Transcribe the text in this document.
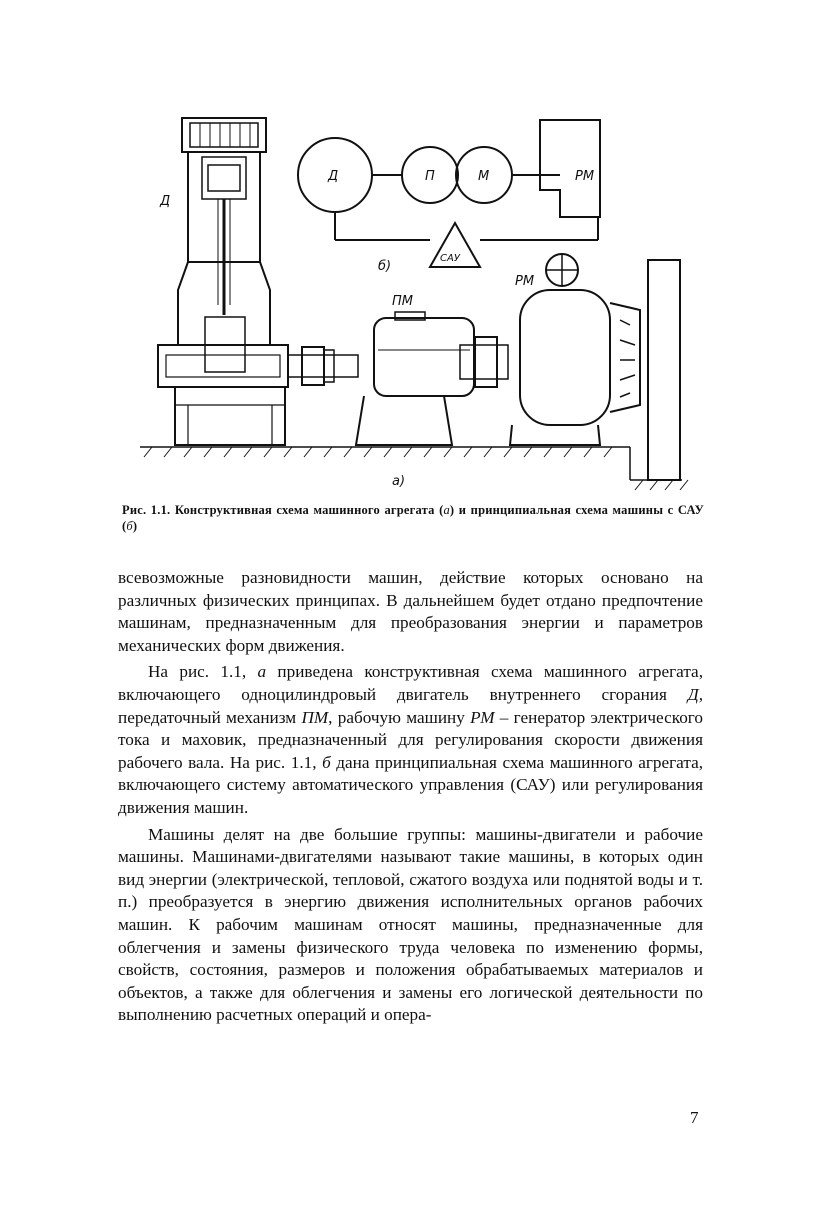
Д
Д	П	М	РМ
САУ
б)
ПМ
РМ
а)
Рис. 1.1. Конструктивная схема машинного агрегата (а) и принципиальная схема машины с САУ (б)

всевозможные разновидности машин, действие которых основано на различных физических принципах. В дальнейшем будет отдано предпочтение машинам, предназначенным для преобразования энергии и параметров механических форм движения.

На рис. 1.1, а приведена конструктивная схема машинного агрегата, включающего одноцилиндровый двигатель внутреннего сгорания Д, передаточный механизм ПМ, рабочую машину РМ – генератор электрического тока и маховик, предназначенный для регулирования скорости движения рабочего вала. На рис. 1.1, б дана принципиальная схема машинного агрегата, включающего систему автоматического управления (САУ) или регулирования движения машин.

Машины делят на две большие группы: машины-двигатели и рабочие машины. Машинами-двигателями называют такие машины, в которых один вид энергии (электрической, тепловой, сжатого воздуха или поднятой воды и т. п.) преобразуется в энергию движения исполнительных органов рабочих машин. К рабочим машинам относят машины, предназначенные для облегчения и замены физического труда человека по изменению формы, свойств, состояния, размеров и положения обрабатываемых материалов и объектов, а также для облегчения и замены его логической деятельности по выполнению расчетных операций и опера-

7
